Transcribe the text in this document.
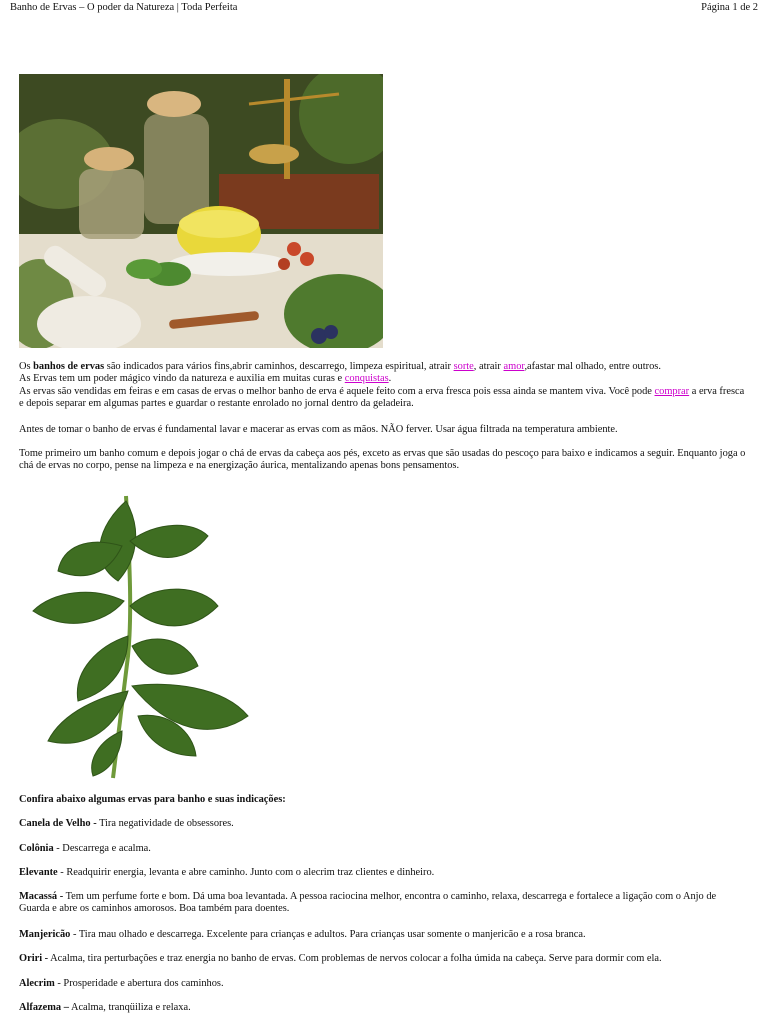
Banho de Ervas – O poder da Natureza | Toda Perfeita	Página 1 de 2
Os banhos de ervas são indicados para vários fins,abrir caminhos, descarrego, limpeza espiritual, atrair sorte, atrair amor,afastar mal olhado, entre outros.
As Ervas tem um poder mágico vindo da natureza e auxilia em muitas curas e conquistas.
As ervas são vendidas em feiras e em casas de ervas o melhor banho de erva é aquele feito com a erva fresca pois essa ainda se mantem viva. Você pode comprar a erva fresca e depois separar em algumas partes e guardar o restante enrolado no jornal dentro da geladeira.
Antes de tomar o banho de ervas é fundamental lavar e macerar as ervas com as mãos. NÃO ferver. Usar água filtrada na temperatura ambiente.
Tome primeiro um banho comum e depois jogar o chá de ervas da cabeça aos pés, exceto as ervas que são usadas do pescoço para baixo e indicamos a seguir. Enquanto joga o chá de ervas no corpo, pense na limpeza e na energização áurica, mentalizando apenas bons pensamentos.
Confira abaixo algumas ervas para banho e suas indicações:
Canela de Velho - Tira negatividade de obsessores.
Colônia - Descarrega e acalma.
Elevante - Readquirir energia, levanta e abre caminho. Junto com o alecrim traz clientes e dinheiro.
Macassá - Tem um perfume forte e bom. Dá uma boa levantada. A pessoa raciocina melhor, encontra o caminho, relaxa, descarrega e fortalece a ligação com o Anjo de Guarda e abre os caminhos amorosos. Boa também para doentes.
Manjericão - Tira mau olhado e descarrega. Excelente para crianças e adultos. Para crianças usar somente o manjericão e a rosa branca.
Oriri - Acalma, tira perturbações e traz energia no banho de ervas. Com problemas de nervos colocar a folha úmida na cabeça. Serve para dormir com ela.
Alecrim - Prosperidade e abertura dos caminhos.
Alfazema – Acalma, tranqüiliza e relaxa.
